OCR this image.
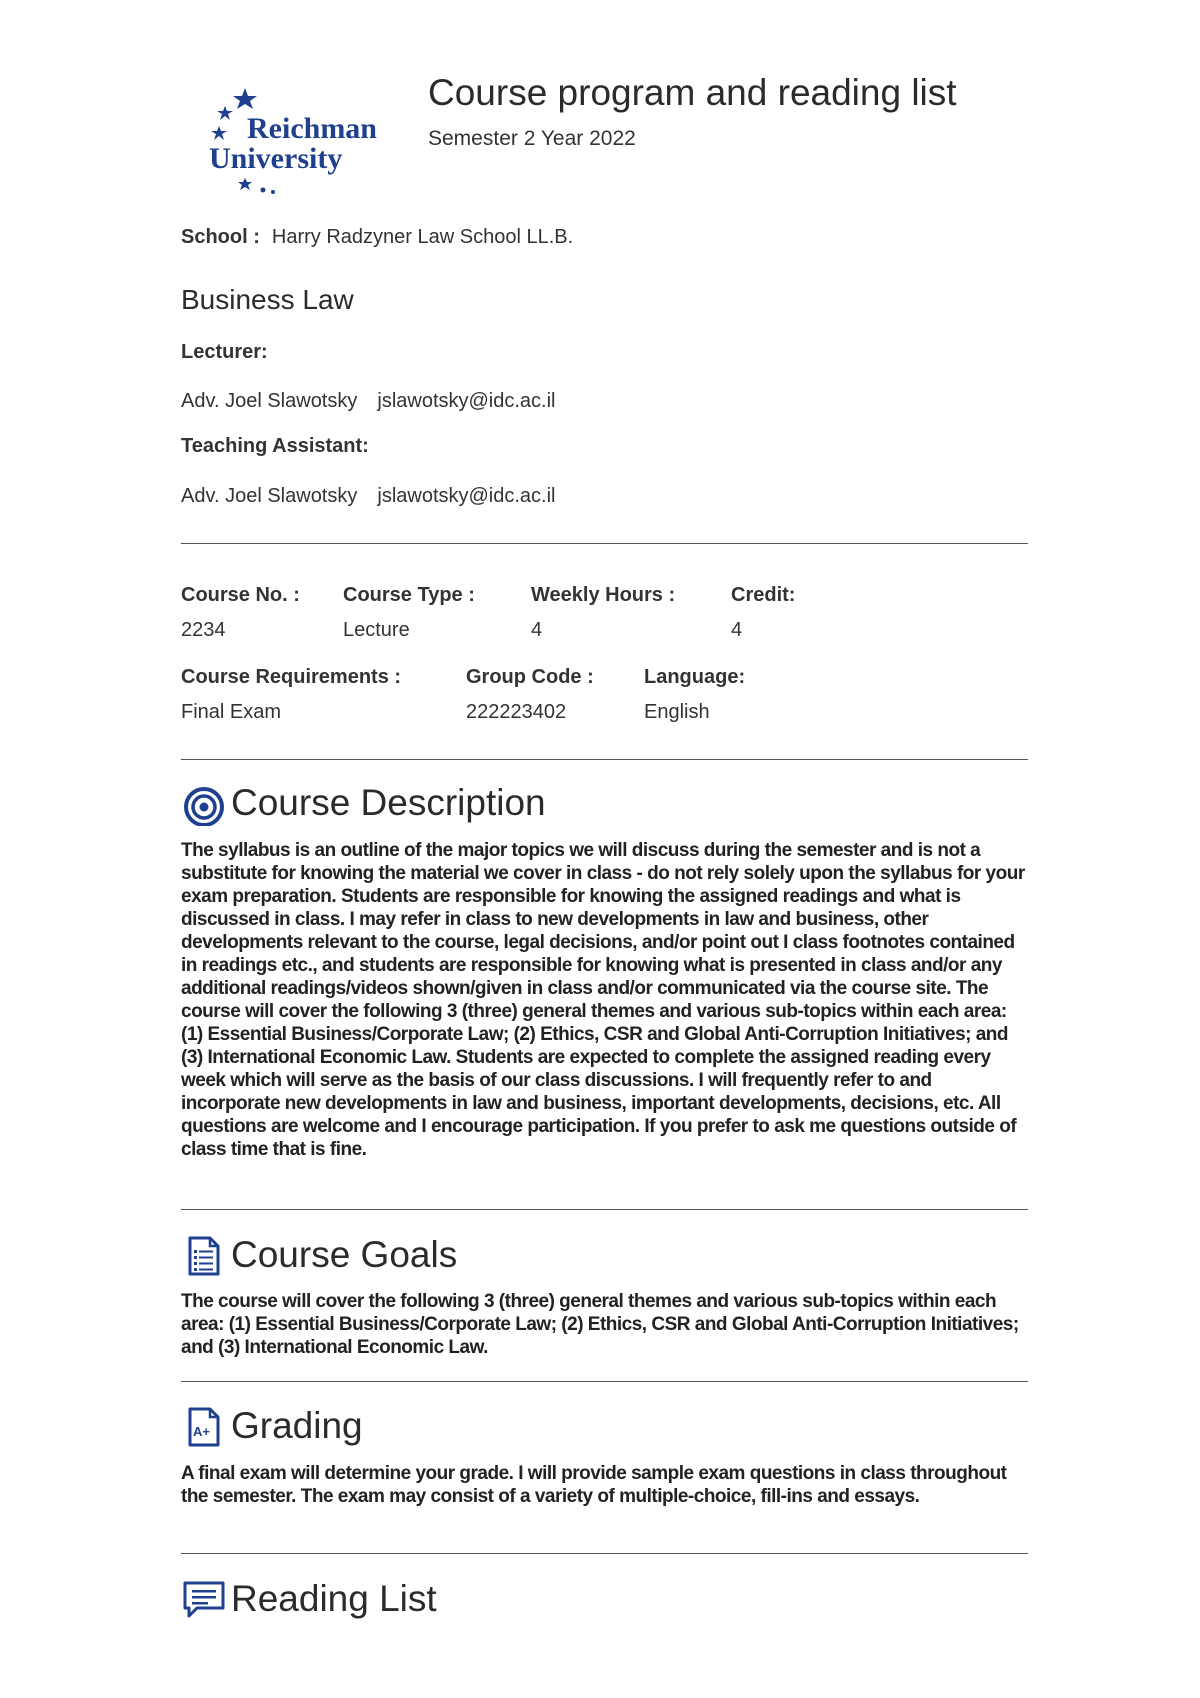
Reichman
University
Course program and reading list
Semester 2 Year 2022
School : Harry Radzyner Law School LL.B.
Business Law
Lecturer:
Adv. Joel Slawotsky jslawotsky@idc.ac.il
Teaching Assistant:
Adv. Joel Slawotsky jslawotsky@idc.ac.il
Course No. :
2234
Course Type :
Lecture
Weekly Hours :
4
Credit:
4
Course Requirements :
Final Exam
Group Code :
222223402
Language:
English
Course Description

The syllabus is an outline of the major topics we will discuss during the semester and is not a substitute for knowing the material we cover in class - do not rely solely upon the syllabus for your exam preparation. Students are responsible for knowing the assigned readings and what is discussed in class. I may refer in class to new developments in law and business, other developments relevant to the course, legal decisions, and/or point out I class footnotes contained in readings etc., and students are responsible for knowing what is presented in class and/or any additional readings/videos shown/given in class and/or communicated via the course site. The course will cover the following 3 (three) general themes and various sub-topics within each area: (1) Essential Business/Corporate Law; (2) Ethics, CSR and Global Anti-Corruption Initiatives; and (3) International Economic Law. Students are expected to complete the assigned reading every week which will serve as the basis of our class discussions. I will frequently refer to and incorporate new developments in law and business, important developments, decisions, etc. All questions are welcome and I encourage participation. If you prefer to ask me questions outside of class time that is fine.

Course Goals

The course will cover the following 3 (three) general themes and various sub-topics within each area: (1) Essential Business/Corporate Law; (2) Ethics, CSR and Global Anti-Corruption Initiatives; and (3) International Economic Law.

A+ Grading

A final exam will determine your grade. I will provide sample exam questions in class throughout the semester. The exam may consist of a variety of multiple-choice, fill-ins and essays.

Reading List
